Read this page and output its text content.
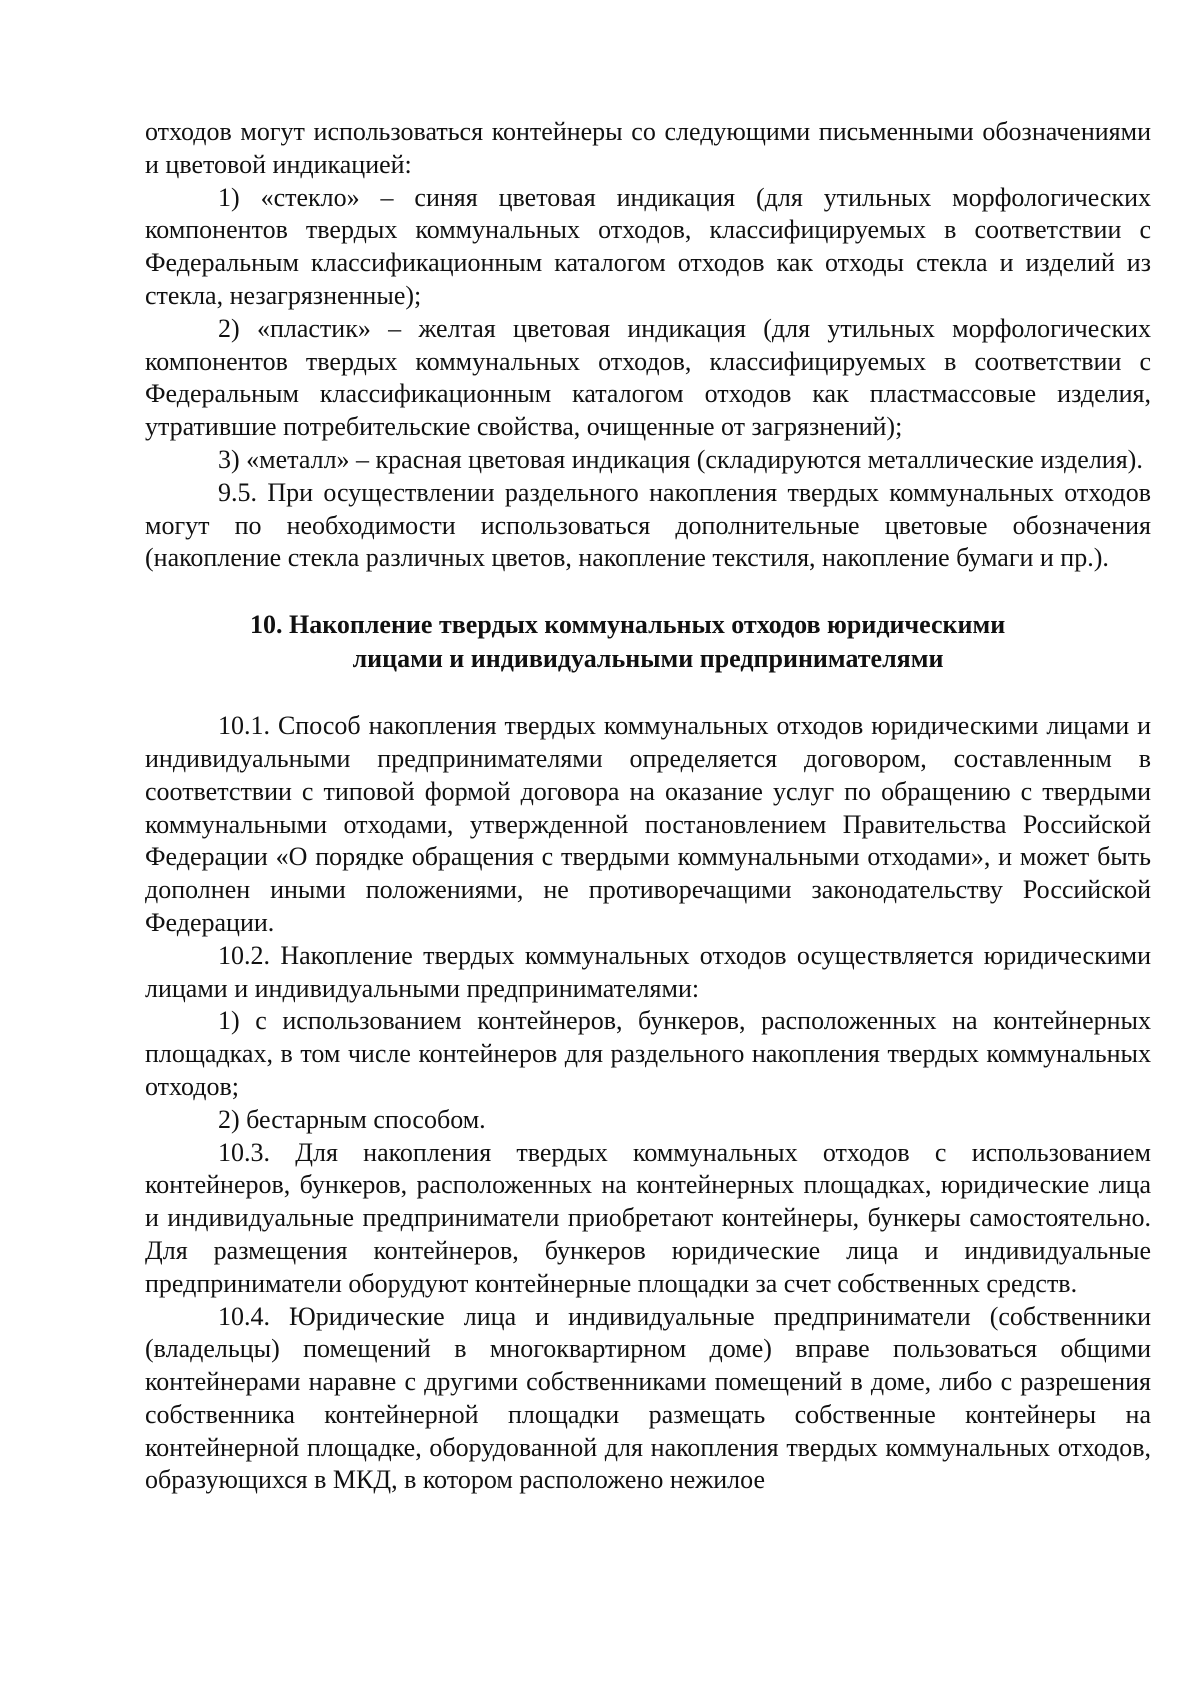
отходов могут использоваться контейнеры со следующими письменными обозначениями и цветовой индикацией:

1) «стекло» – синяя цветовая индикация (для утильных морфологических компонентов твердых коммунальных отходов, классифицируемых в соответствии с Федеральным классификационным каталогом отходов как отходы стекла и изделий из стекла, незагрязненные);

2) «пластик» – желтая цветовая индикация (для утильных морфологических компонентов твердых коммунальных отходов, классифицируемых в соответствии с Федеральным классификационным каталогом отходов как пластмассовые изделия, утратившие потребительские свойства, очищенные от загрязнений);

3) «металл» – красная цветовая индикация (складируются металлические изделия).

9.5. При осуществлении раздельного накопления твердых коммунальных отходов могут по необходимости использоваться дополнительные цветовые обозначения (накопление стекла различных цветов, накопление текстиля, накопление бумаги и пр.).

10. Накопление твердых коммунальных отходов юридическими
лицами и индивидуальными предпринимателями

10.1. Способ накопления твердых коммунальных отходов юридическими лицами и индивидуальными предпринимателями определяется договором, составленным в соответствии с типовой формой договора на оказание услуг по обращению с твердыми коммунальными отходами, утвержденной постановлением Правительства Российской Федерации «О порядке обращения с твердыми коммунальными отходами», и может быть дополнен иными положениями, не противоречащими законодательству Российской Федерации.

10.2. Накопление твердых коммунальных отходов осуществляется юридическими лицами и индивидуальными предпринимателями:

1) с использованием контейнеров, бункеров, расположенных на контейнерных площадках, в том числе контейнеров для раздельного накопления твердых коммунальных отходов;

2) бестарным способом.

10.3. Для накопления твердых коммунальных отходов с использованием контейнеров, бункеров, расположенных на контейнерных площадках, юридические лица и индивидуальные предприниматели приобретают контейнеры, бункеры самостоятельно. Для размещения контейнеров, бункеров юридические лица и индивидуальные предприниматели оборудуют контейнерные площадки за счет собственных средств.

10.4. Юридические лица и индивидуальные предприниматели (собственники (владельцы) помещений в многоквартирном доме) вправе пользоваться общими контейнерами наравне с другими собственниками помещений в доме, либо с разрешения собственника контейнерной площадки размещать собственные контейнеры на контейнерной площадке, оборудованной для накопления твердых коммунальных отходов, образующихся в МКД, в котором расположено нежилое
